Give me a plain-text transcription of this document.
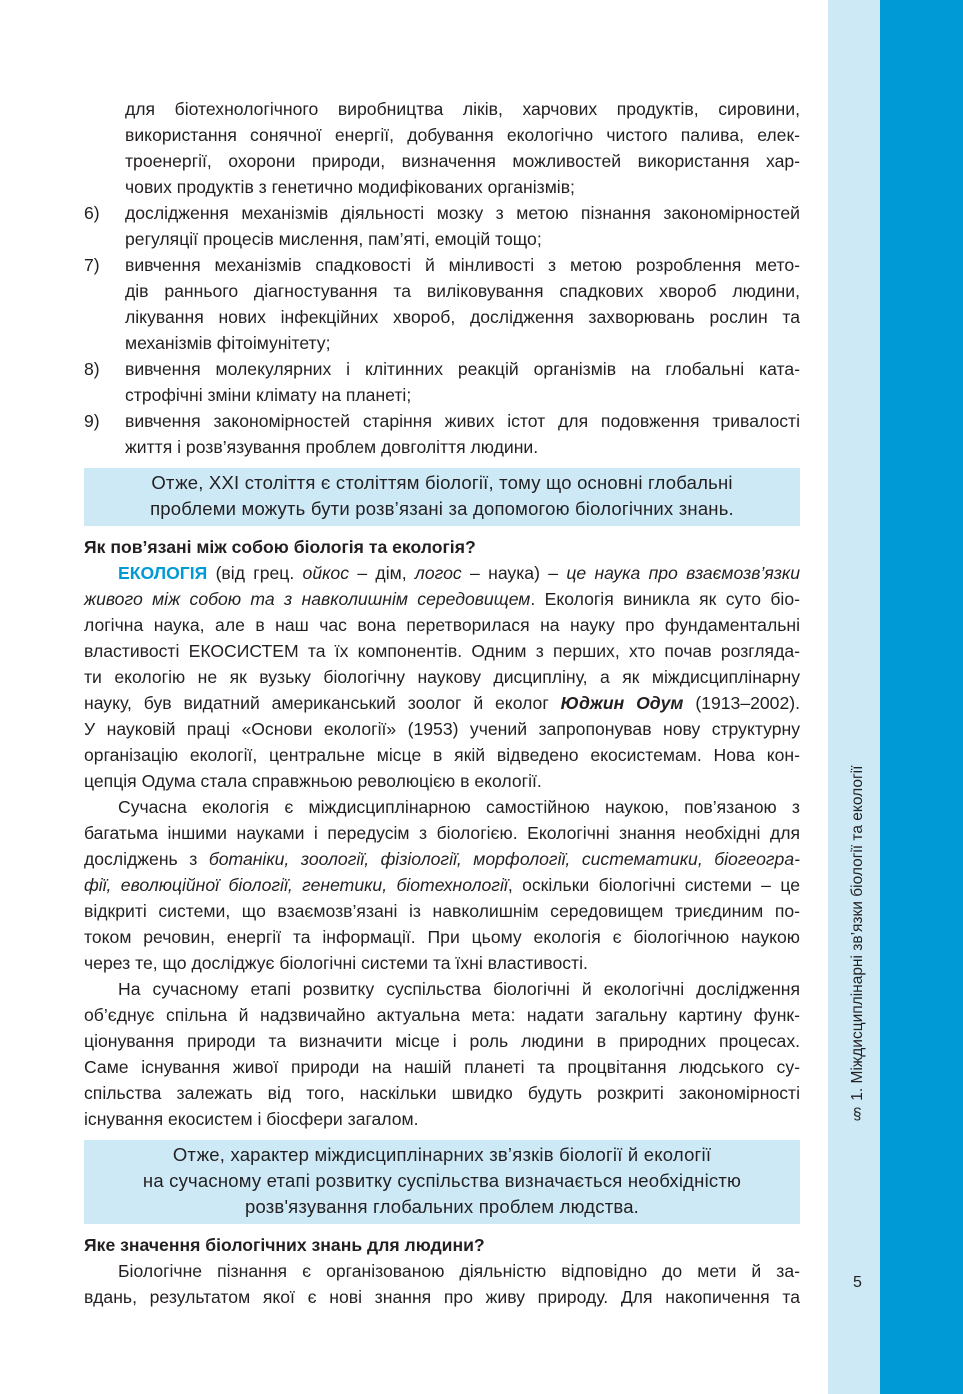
§ 1. Міждисциплінарні зв’язки біології та екології
5
для біотехнологічного виробництва ліків, харчових продуктів, сировини,
використання сонячної енергії, добування екологічно чистого палива, елек-
троенергії, охорони природи, визначення можливостей використання хар-
чових продуктів з генетично модифікованих організмів;
6)	дослідження механізмів діяльності мозку з метою пізнання закономірностей
регуляції процесів мислення, пам’яті, емоцій тощо;
7)	вивчення механізмів спадковості й мінливості з метою розроблення мето-
дів раннього діагностування та виліковування спадкових хвороб людини,
лікування нових інфекційних хвороб, дослідження захворювань рослин та
механізмів фітоімунітету;
8)	вивчення молекулярних і клітинних реакцій організмів на глобальні ката-
строфічні зміни клімату на планеті;
9)	вивчення закономірностей старіння живих істот для подовження тривалості
життя і розв’язування проблем довголіття людини.
Отже, XXI століття є століттям біології, тому що основні глобальні
проблеми можуть бути розв’язані за допомогою біологічних знань.
Як пов’язані між собою біологія та екологія?
ЕКОЛОГІЯ (від грец. ойкос – дім, логос – наука) – це наука про взаємозв’язки
живого між собою та з навколишнім середовищем. Екологія виникла як суто біо-
логічна наука, але в наш час вона перетворилася на науку про фундаментальні
властивості ЕКОСИСТЕМ та їх компонентів. Одним з перших, хто почав розгляда-
ти екологію не як вузьку біологічну наукову дисципліну, а як міждисциплінарну
науку, був видатний американський зоолог й еколог Юджин Одум (1913–2002).
У науковій праці «Основи екології» (1953) учений запропонував нову структурну
організацію екології, центральне місце в якій відведено екосистемам. Нова кон-
цепція Одума стала справжньою революцією в екології.
Сучасна екологія є міждисциплінарною самостійною наукою, пов’язаною з
багатьма іншими науками і передусім з біологією. Екологічні знання необхідні для
досліджень з ботаніки, зоології, фізіології, морфології, систематики, біогеогра-
фії, еволюційної біології, генетики, біотехнології, оскільки біологічні системи – це
відкриті системи, що взаємозв’язані із навколишнім середовищем триєдиним по-
током речовин, енергії та інформації. При цьому екологія є біологічною наукою
через те, що досліджує біологічні системи та їхні властивості.
На сучасному етапі розвитку суспільства біологічні й екологічні дослідження
об’єднує спільна й надзвичайно актуальна мета: надати загальну картину функ-
ціонування природи та визначити місце і роль людини в природних процесах.
Саме існування живої природи на нашій планеті та процвітання людського су-
спільства залежать від того, наскільки швидко будуть розкриті закономірності
існування екосистем і біосфери загалом.
Отже, характер міждисциплінарних зв’язків біології й екології
на сучасному етапі розвитку суспільства визначається необхідністю
розв'язування глобальних проблем людства.
Яке значення біологічних знань для людини?
Біологічне пізнання є організованою діяльністю відповідно до мети й за-
вдань, результатом якої є нові знання про живу природу. Для накопичення та
